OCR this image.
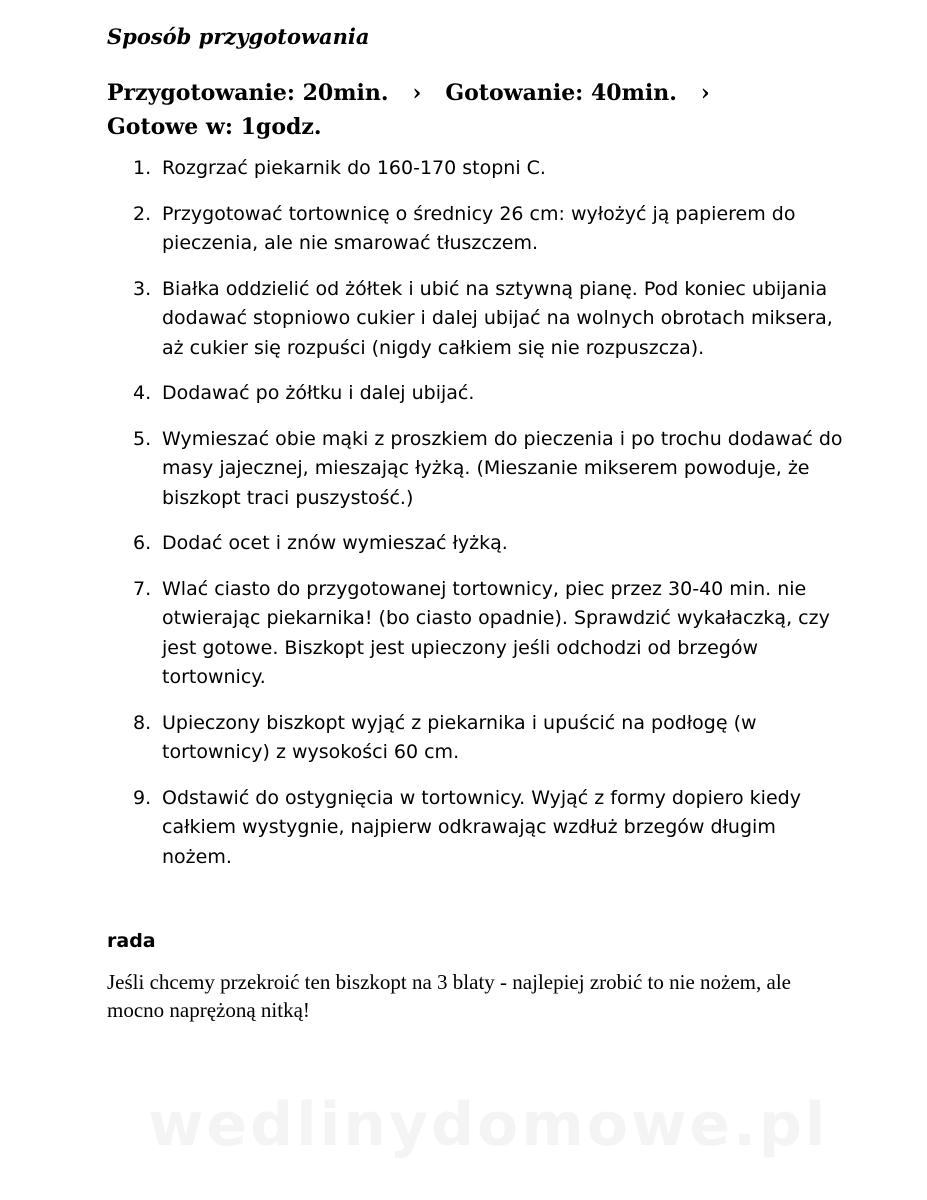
Sposób przygotowania

Przygotowanie: 20min. › Gotowanie: 40min. ›Gotowe w: 1godz.

1. Rozgrzać piekarnik do 160-170 stopni C.
2. Przygotować tortownicę o średnicy 26 cm: wyłożyć ją papierem do pieczenia, ale nie smarować tłuszczem.
3. Białka oddzielić od żółtek i ubić na sztywną pianę. Pod koniec ubijania dodawać stopniowo cukier i dalej ubijać na wolnych obrotach miksera, aż cukier się rozpuści (nigdy całkiem się nie rozpuszcza).
4. Dodawać po żółtku i dalej ubijać.
5. Wymieszać obie mąki z proszkiem do pieczenia i po trochu dodawać do masy jajecznej, mieszając łyżką. (Mieszanie mikserem powoduje, że biszkopt traci puszystość.)
6. Dodać ocet i znów wymieszać łyżką.
7. Wlać ciasto do przygotowanej tortownicy, piec przez 30-40 min. nie otwierając piekarnika! (bo ciasto opadnie). Sprawdzić wykałaczką, czy jest gotowe. Biszkopt jest upieczony jeśli odchodzi od brzegów tortownicy.
8. Upieczony biszkopt wyjąć z piekarnika i upuścić na podłogę (w tortownicy) z wysokości 60 cm.
9. Odstawić do ostygnięcia w tortownicy. Wyjąć z formy dopiero kiedy całkiem wystygnie, najpierw odkrawając wzdłuż brzegów długim nożem.
rada

Jeśli chcemy przekroić ten biszkopt na 3 blaty - najlepiej zrobić to nie nożem, ale mocno naprężoną nitką!

wedlinydomowe.pl
